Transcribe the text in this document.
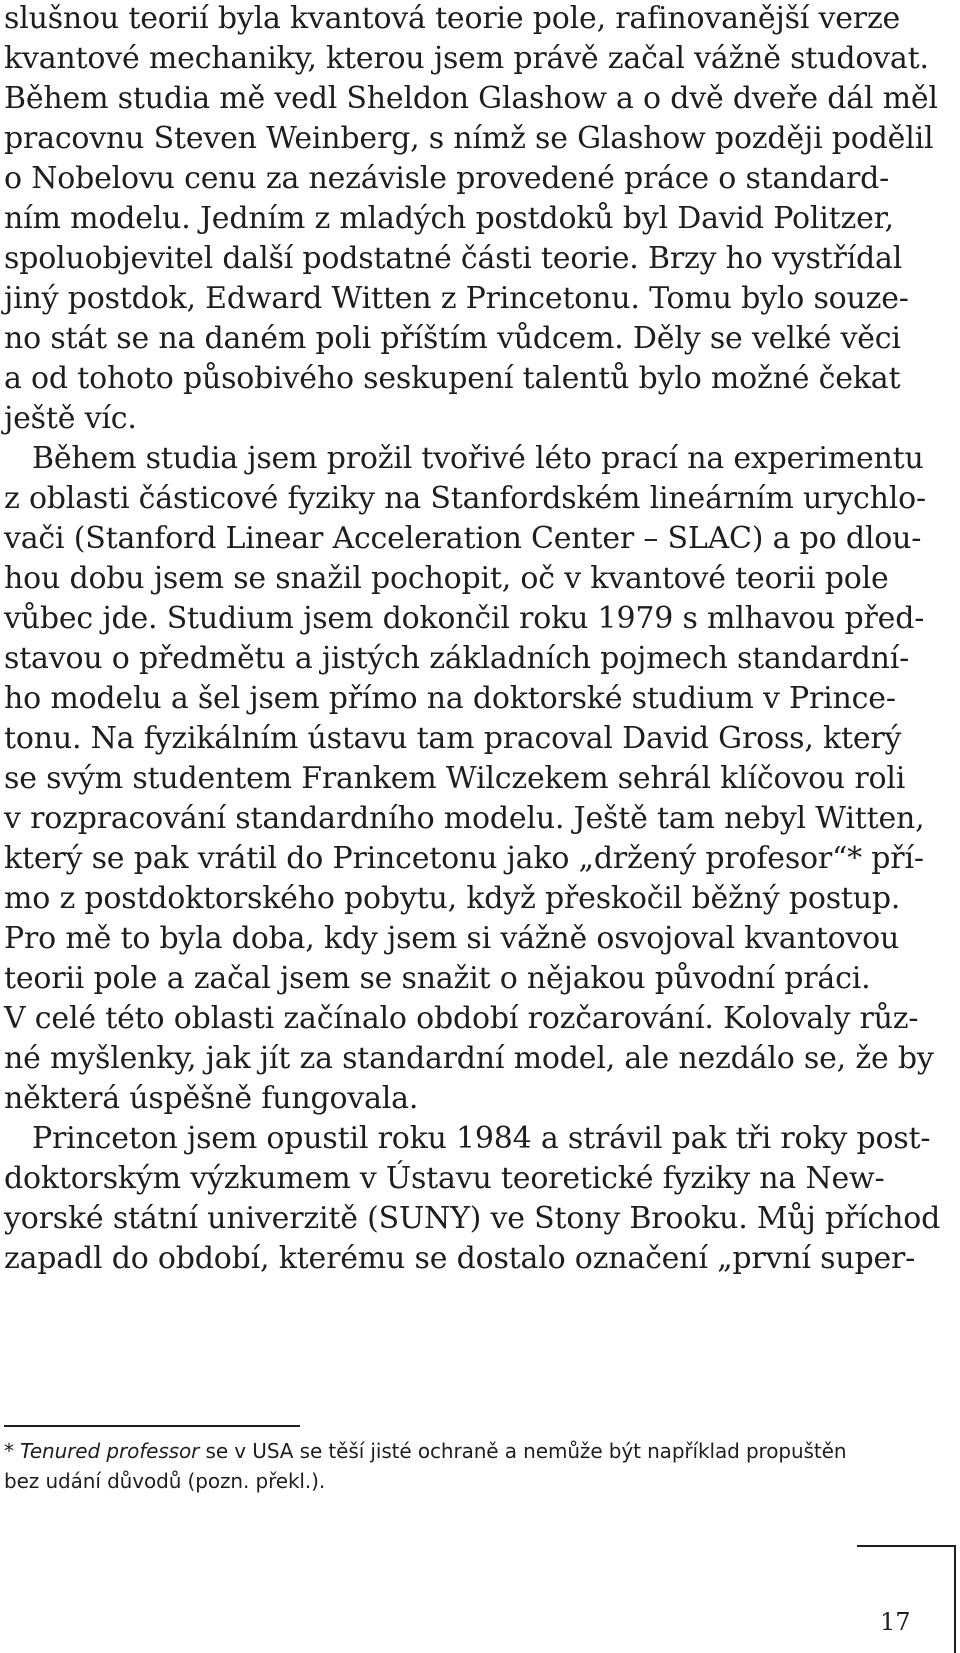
slušnou teorií byla kvantová teorie pole, rafinovanější verze
kvantové mechaniky, kterou jsem právě začal vážně studovat.
Během studia mě vedl Sheldon Glashow a o dvě dveře dál měl
pracovnu Steven Weinberg, s nímž se Glashow později podělil
o Nobelovu cenu za nezávisle provedené práce o standard-
ním modelu. Jedním z mladých postdoků byl David Politzer,
spoluobjevitel další podstatné části teorie. Brzy ho vystřídal
jiný postdok, Edward Witten z Princetonu. Tomu bylo souze-
no stát se na daném poli příštím vůdcem. Děly se velké věci
a od tohoto působivého seskupení talentů bylo možné čekat
ještě víc.
Během studia jsem prožil tvořivé léto prací na experimentu
z oblasti částicové fyziky na Stanfordském lineárním urychlo-
vači (Stanford Linear Acceleration Center – SLAC) a po dlou-
hou dobu jsem se snažil pochopit, oč v kvantové teorii pole
vůbec jde. Studium jsem dokončil roku 1979 s mlhavou před-
stavou o předmětu a jistých základních pojmech standardní-
ho modelu a šel jsem přímo na doktorské studium v Prince-
tonu. Na fyzikálním ústavu tam pracoval David Gross, který
se svým studentem Frankem Wilczekem sehrál klíčovou roli
v rozpracování standardního modelu. Ještě tam nebyl Witten,
který se pak vrátil do Princetonu jako „držený profesor“* pří-
mo z postdoktorského pobytu, když přeskočil běžný postup.
Pro mě to byla doba, kdy jsem si vážně osvojoval kvantovou
teorii pole a začal jsem se snažit o nějakou původní práci.
V celé této oblasti začínalo období rozčarování. Kolovaly růz-
né myšlenky, jak jít za standardní model, ale nezdálo se, že by
některá úspěšně fungovala.
Princeton jsem opustil roku 1984 a strávil pak tři roky post-
doktorským výzkumem v Ústavu teoretické fyziky na New-
yorské státní univerzitě (SUNY) ve Stony Brooku. Můj příchod
zapadl do období, kterému se dostalo označení „první super-
* Tenured professor se v USA se těší jisté ochraně a nemůže být například propuštěn
bez udání důvodů (pozn. překl.).
17
